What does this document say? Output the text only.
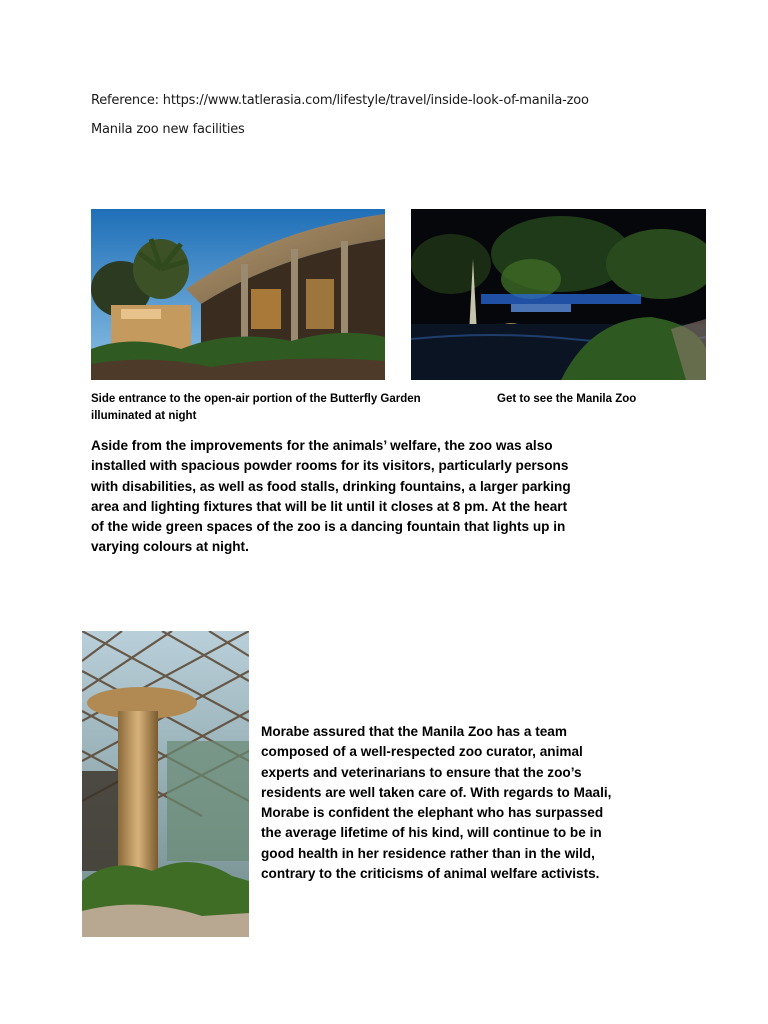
Reference: https://www.tatlerasia.com/lifestyle/travel/inside-look-of-manila-zoo
Manila zoo new facilities
Side entrance to the open-air portion of the Butterfly Garden
illuminated at night
Get to see the Manila Zoo
Aside from the improvements for the animals’ welfare, the zoo was also
installed with spacious powder rooms for its visitors, particularly persons
with disabilities, as well as food stalls, drinking fountains, a larger parking
area and lighting fixtures that will be lit until it closes at 8 pm. At the heart
of the wide green spaces of the zoo is a dancing fountain that lights up in
varying colours at night.
Morabe assured that the Manila Zoo has a team
composed of a well-respected zoo curator, animal
experts and veterinarians to ensure that the zoo’s
residents are well taken care of. With regards to Maali,
Morabe is confident the elephant who has surpassed
the average lifetime of his kind, will continue to be in
good health in her residence rather than in the wild,
contrary to the criticisms of animal welfare activists.
